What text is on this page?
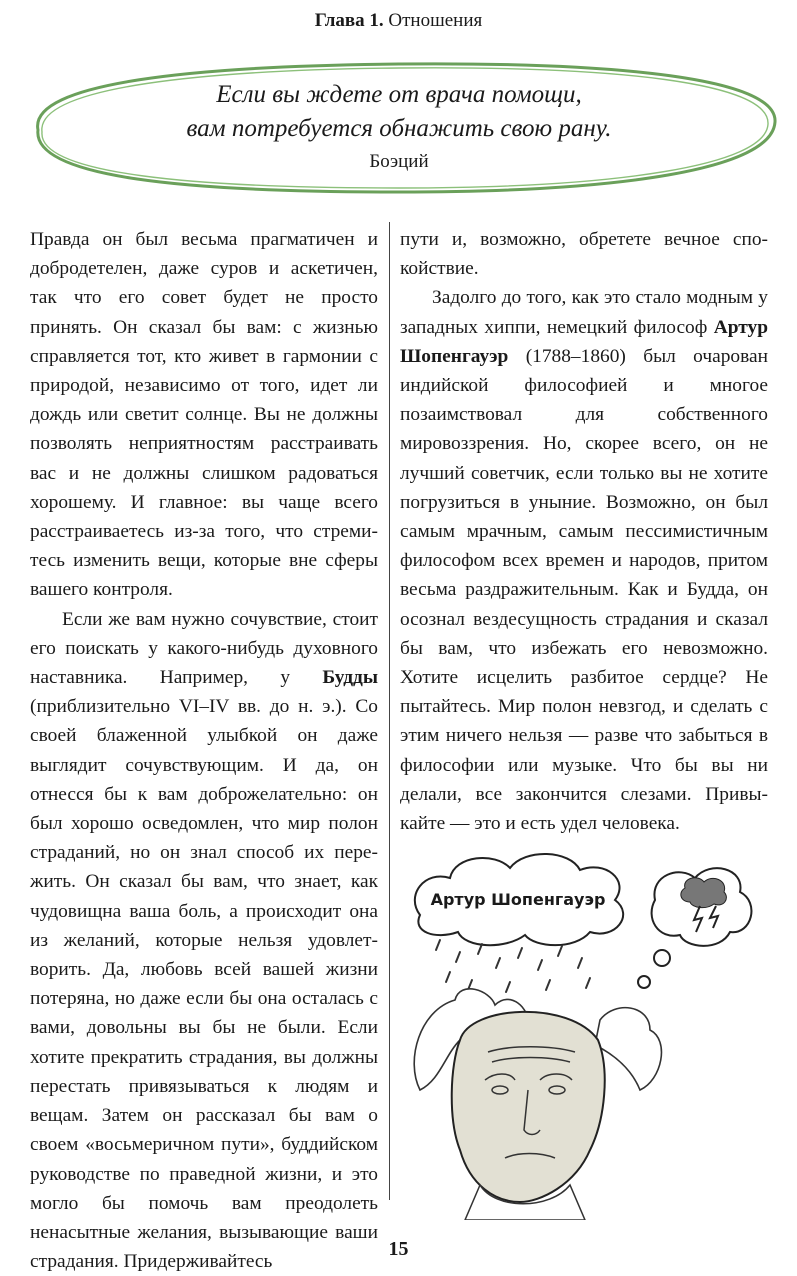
Глава 1. Отношения
Если вы ждете от врача помощи,
вам потребуется обнажить свою рану.
Боэций

Правда он был весьма прагматичен и добродетелен, даже суров и аскетичен, так что его совет будет не просто принять. Он сказал бы вам: с жизнью справляется тот, кто живет в гармонии с природой, независимо от того, идет ли дождь или светит солнце. Вы не должны позволять неприятностям расстраивать вас и не должны слишком радоваться хорошему. И главное: вы чаще всего расстраиваетесь из-за того, что стремитесь изменить вещи, которые вне сферы вашего контроля.

Если же вам нужно сочувствие, стоит его поискать у какого-нибудь духовного наставника. Например, у Будды (приблизительно VI–IV вв. до н. э.). Со своей блаженной улыбкой он даже выглядит сочувствующим. И да, он отнесся бы к вам доброжелательно: он был хорошо осведомлен, что мир полон страданий, но он знал способ их пережить. Он сказал бы вам, что знает, как чудовищна ваша боль, а происходит она из желаний, которые нельзя удовлетворить. Да, любовь всей вашей жизни потеряна, но даже если бы она осталась с вами, довольны вы бы не были. Если хотите прекратить страдания, вы должны перестать привязываться к людям и вещам. Затем он рассказал бы вам о своем «восьмеричном пути», буддийском руководстве по праведной жизни, и это могло бы помочь вам преодолеть ненасытные желания, вызывающие ваши страдания. Придерживайтесь

пути и, возможно, обретете вечное спокойствие.

Задолго до того, как это стало модным у западных хиппи, немецкий философ Артур Шопенгауэр (1788–1860) был очарован индийской философией и многое позаимствовал для собственного мировоззрения. Но, скорее всего, он не лучший советчик, если только вы не хотите погрузиться в уныние. Возможно, он был самым мрачным, самым пессимистичным философом всех времен и народов, притом весьма раздражительным. Как и Будда, он осознал вездесущность страдания и сказал бы вам, что избежать его невозможно. Хотите исцелить разбитое сердце? Не пытайтесь. Мир полон невзгод, и сделать с этим ничего нельзя — разве что забыться в философии или музыке. Что бы вы ни делали, все закончится слезами. Привыкайте — это и есть удел человека.

Артур Шопенгауэр
15
